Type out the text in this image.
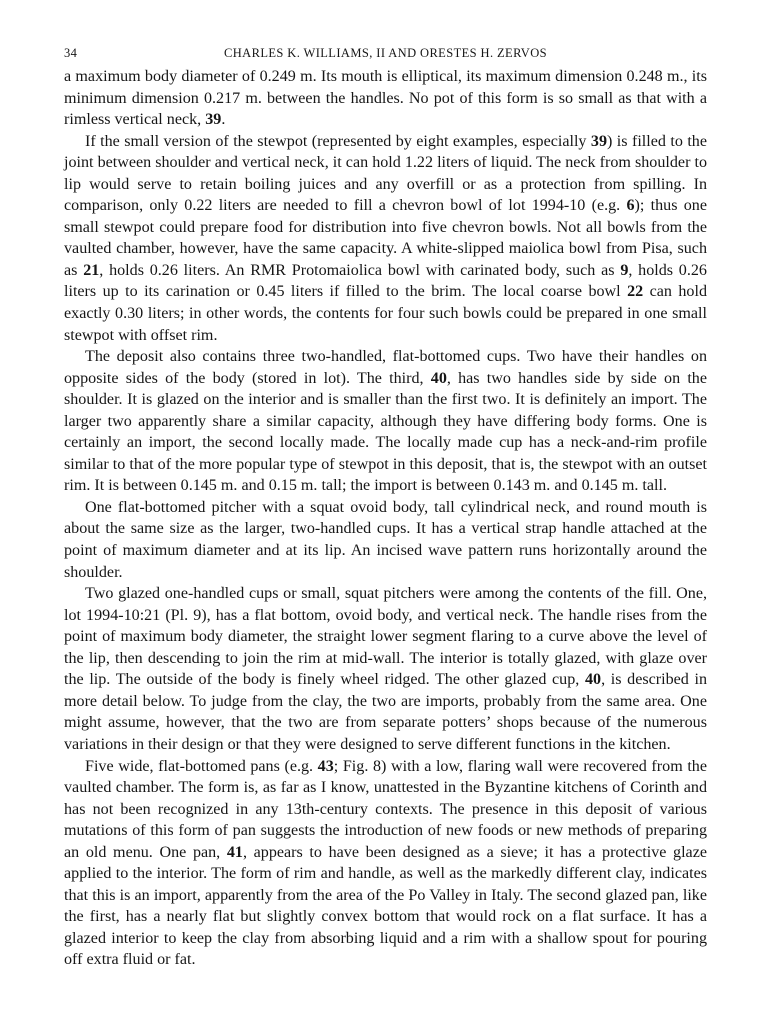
34	CHARLES K. WILLIAMS, II AND ORESTES H. ZERVOS

a maximum body diameter of 0.249 m. Its mouth is elliptical, its maximum dimension 0.248 m., its minimum dimension 0.217 m. between the handles. No pot of this form is so small as that with a rimless vertical neck, 39.

If the small version of the stewpot (represented by eight examples, especially 39) is filled to the joint between shoulder and vertical neck, it can hold 1.22 liters of liquid. The neck from shoulder to lip would serve to retain boiling juices and any overfill or as a protection from spilling. In comparison, only 0.22 liters are needed to fill a chevron bowl of lot 1994-10 (e.g. 6); thus one small stewpot could prepare food for distribution into five chevron bowls. Not all bowls from the vaulted chamber, however, have the same capacity. A white-slipped maiolica bowl from Pisa, such as 21, holds 0.26 liters. An RMR Protomaiolica bowl with carinated body, such as 9, holds 0.26 liters up to its carination or 0.45 liters if filled to the brim. The local coarse bowl 22 can hold exactly 0.30 liters; in other words, the contents for four such bowls could be prepared in one small stewpot with offset rim.

The deposit also contains three two-handled, flat-bottomed cups. Two have their handles on opposite sides of the body (stored in lot). The third, 40, has two handles side by side on the shoulder. It is glazed on the interior and is smaller than the first two. It is definitely an import. The larger two apparently share a similar capacity, although they have differing body forms. One is certainly an import, the second locally made. The locally made cup has a neck-and-rim profile similar to that of the more popular type of stewpot in this deposit, that is, the stewpot with an outset rim. It is between 0.145 m. and 0.15 m. tall; the import is between 0.143 m. and 0.145 m. tall.

One flat-bottomed pitcher with a squat ovoid body, tall cylindrical neck, and round mouth is about the same size as the larger, two-handled cups. It has a vertical strap handle attached at the point of maximum diameter and at its lip. An incised wave pattern runs horizontally around the shoulder.

Two glazed one-handled cups or small, squat pitchers were among the contents of the fill. One, lot 1994-10:21 (Pl. 9), has a flat bottom, ovoid body, and vertical neck. The handle rises from the point of maximum body diameter, the straight lower segment flaring to a curve above the level of the lip, then descending to join the rim at mid-wall. The interior is totally glazed, with glaze over the lip. The outside of the body is finely wheel ridged. The other glazed cup, 40, is described in more detail below. To judge from the clay, the two are imports, probably from the same area. One might assume, however, that the two are from separate potters’ shops because of the numerous variations in their design or that they were designed to serve different functions in the kitchen.

Five wide, flat-bottomed pans (e.g. 43; Fig. 8) with a low, flaring wall were recovered from the vaulted chamber. The form is, as far as I know, unattested in the Byzantine kitchens of Corinth and has not been recognized in any 13th-century contexts. The presence in this deposit of various mutations of this form of pan suggests the introduction of new foods or new methods of preparing an old menu. One pan, 41, appears to have been designed as a sieve; it has a protective glaze applied to the interior. The form of rim and handle, as well as the markedly different clay, indicates that this is an import, apparently from the area of the Po Valley in Italy. The second glazed pan, like the first, has a nearly flat but slightly convex bottom that would rock on a flat surface. It has a glazed interior to keep the clay from absorbing liquid and a rim with a shallow spout for pouring off extra fluid or fat.
